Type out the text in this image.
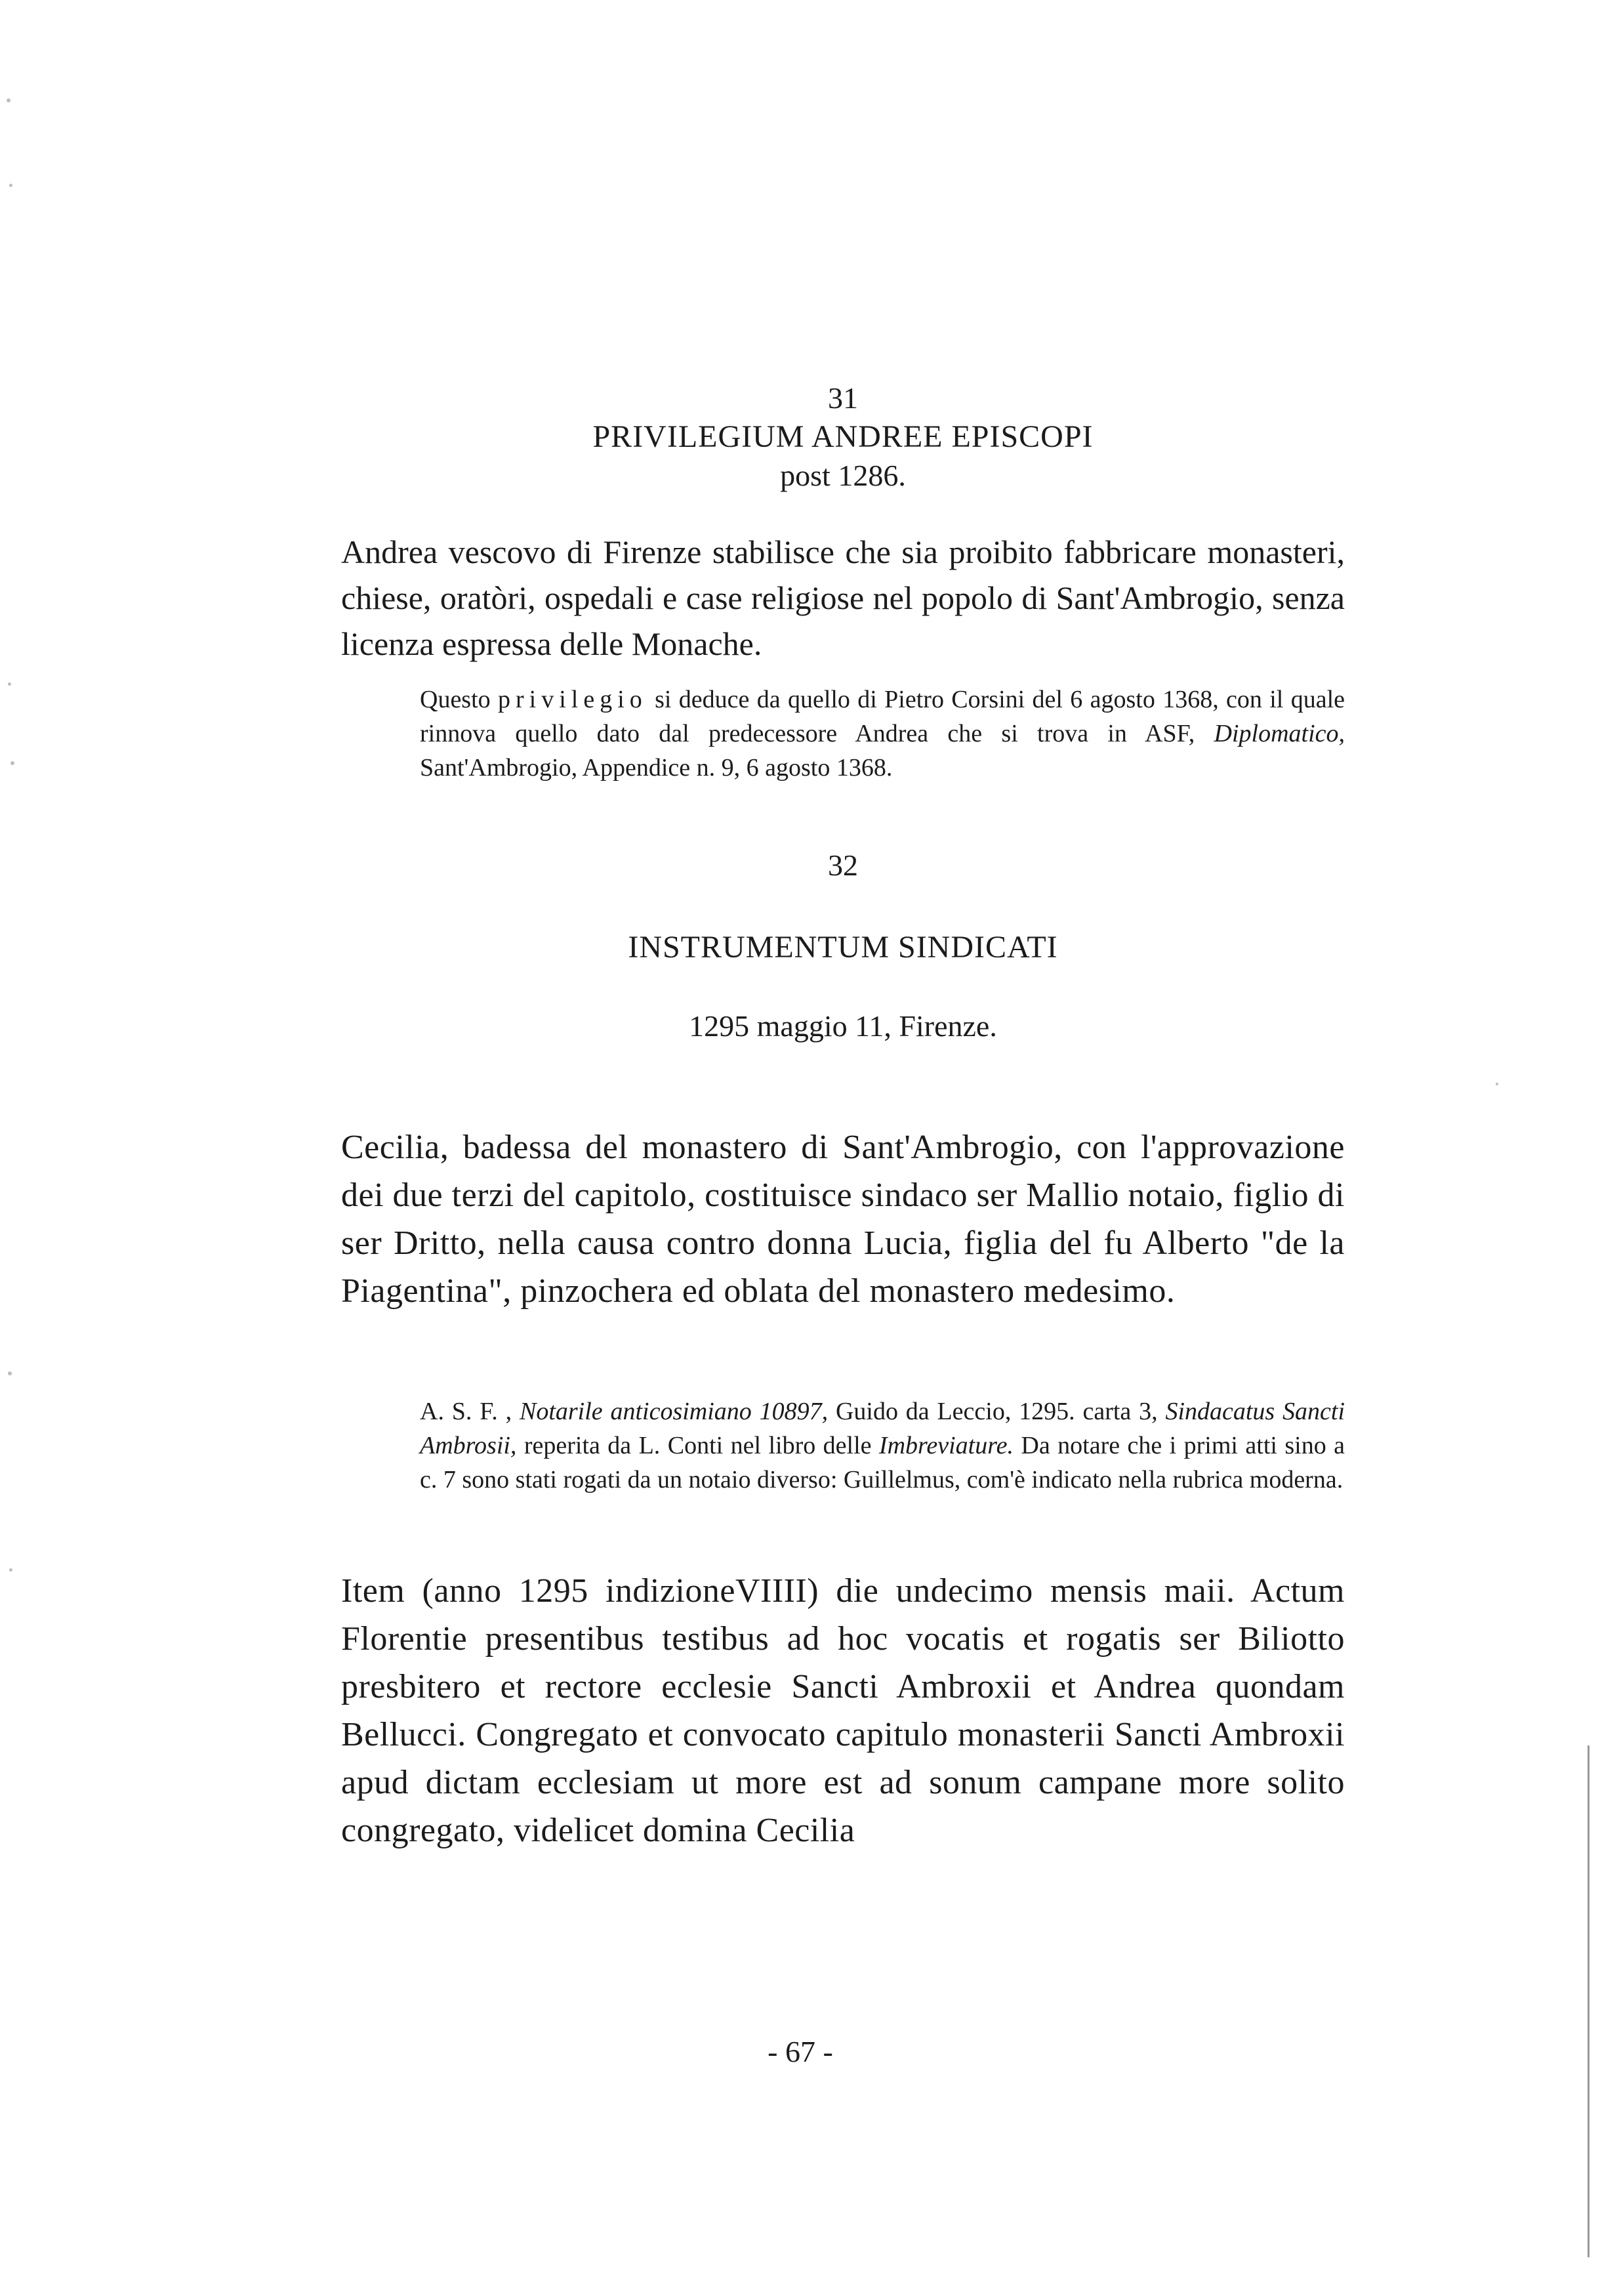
31
PRIVILEGIUM ANDREE EPISCOPI
post 1286.
Andrea vescovo di Firenze stabilisce che sia proibito fabbricare monasteri, chiese, oratòri, ospedali e case religiose nel popolo di Sant'Ambrogio, senza licenza espressa delle Monache.
Questo privilegio si deduce da quello di Pietro Corsini del 6 agosto 1368, con il quale rinnova quello dato dal predecessore Andrea che si trova in ASF, Diplomatico, Sant'Ambrogio, Appendice n. 9, 6 agosto 1368.
32
INSTRUMENTUM SINDICATI
1295 maggio 11, Firenze.
Cecilia, badessa del monastero di Sant'Ambrogio, con l'approvazione dei due terzi del capitolo, costituisce sindaco ser Mallio notaio, figlio di ser Dritto, nella causa contro donna Lucia, figlia del fu Alberto "de la Piagentina", pinzochera ed oblata del monastero medesimo.
A. S. F. , Notarile anticosimiano 10897, Guido da Leccio, 1295. carta 3, Sindacatus Sancti Ambrosii, reperita da L. Conti nel libro delle Imbreviature. Da notare che i primi atti sino a c. 7 sono stati rogati da un notaio diverso: Guillelmus, com'è indicato nella rubrica moderna.
Item (anno 1295 indizioneVIIII) die undecimo mensis maii. Actum Florentie presentibus testibus ad hoc vocatis et rogatis ser Biliotto presbitero et rectore ecclesie Sancti Ambroxii et Andrea quondam Bellucci. Congregato et convocato capitulo monasterii Sancti Ambroxii apud dictam ecclesiam ut more est ad sonum campane more solito congregato, videlicet domina Cecilia
- 67 -
